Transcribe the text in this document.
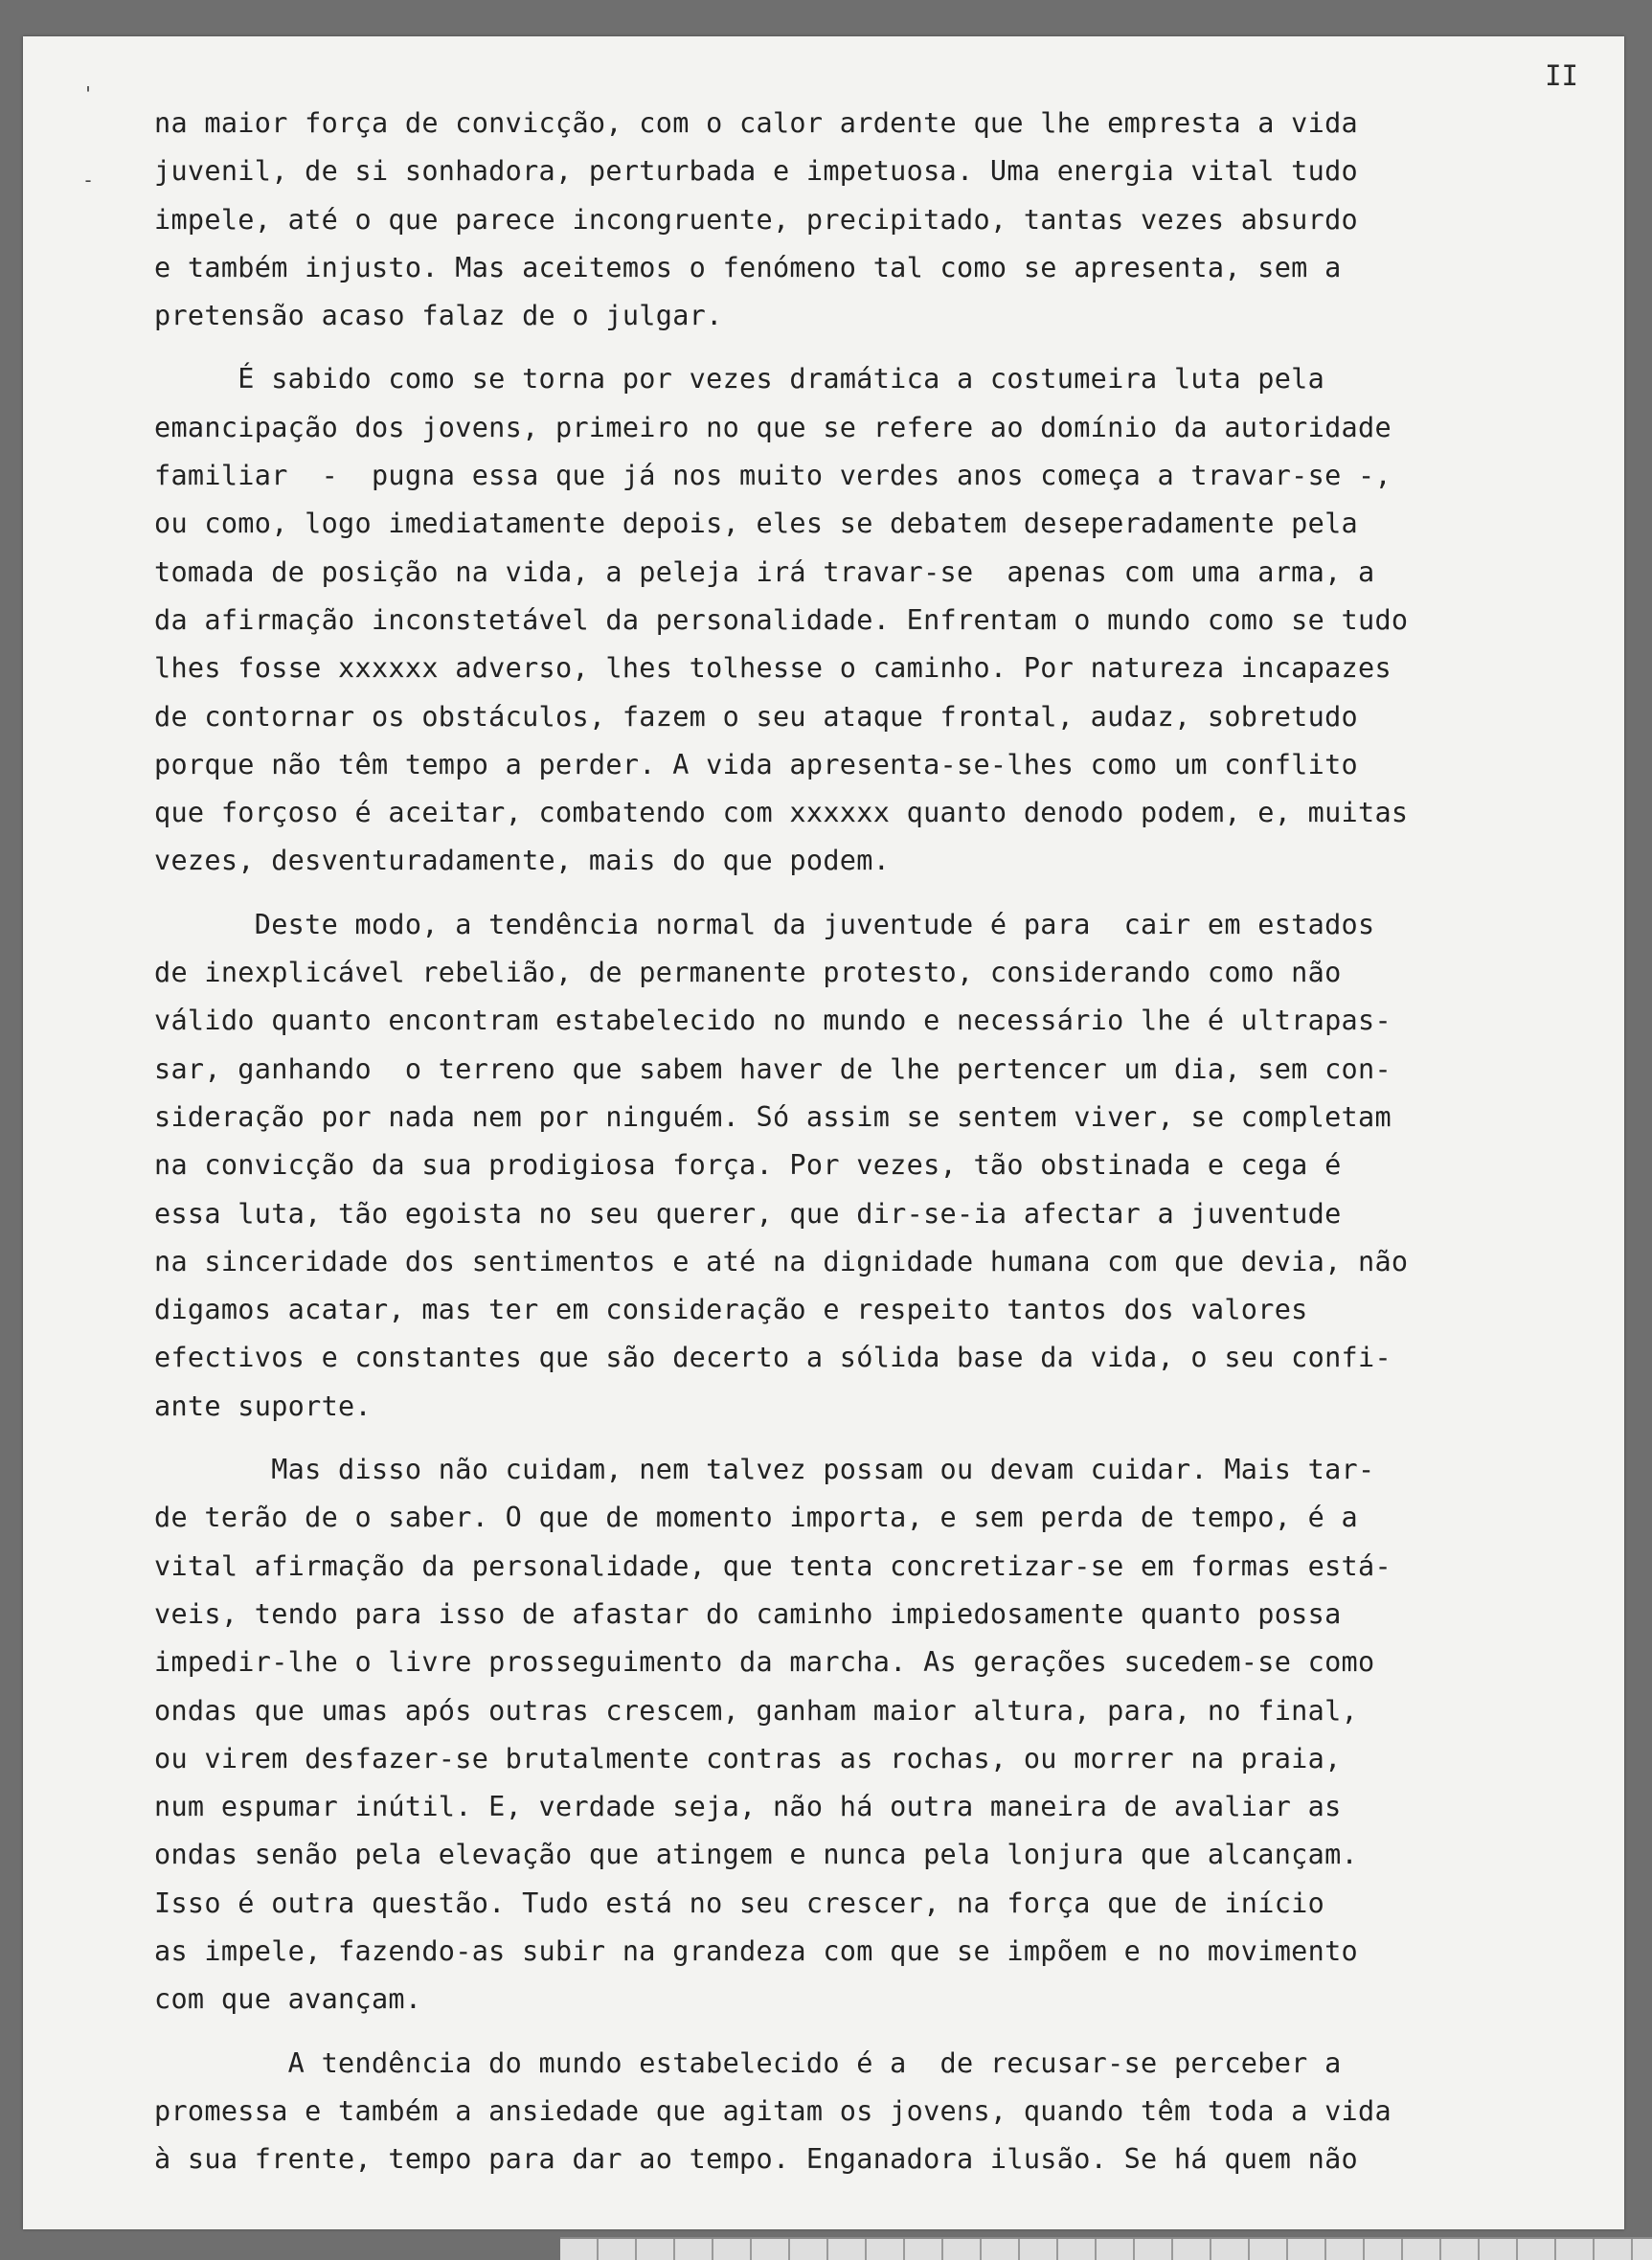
II
'
-
na maior força de convicção, com o calor ardente que lhe empresta a vida
juvenil, de si sonhadora, perturbada e impetuosa. Uma energia vital tudo
impele, até o que parece incongruente, precipitado, tantas vezes absurdo
e também injusto. Mas aceitemos o fenómeno tal como se apresenta, sem a
pretensão acaso falaz de o julgar.
É sabido como se torna por vezes dramática a costumeira luta pela
emancipação dos jovens, primeiro no que se refere ao domínio da autoridade
familiar  -  pugna essa que já nos muito verdes anos começa a travar-se -,
ou como, logo imediatamente depois, eles se debatem deseperadamente pela
tomada de posição na vida, a peleja irá travar-se  apenas com uma arma, a
da afirmação inconstetável da personalidade. Enfrentam o mundo como se tudo
lhes fosse xxxxxx adverso, lhes tolhesse o caminho. Por natureza incapazes
de contornar os obstáculos, fazem o seu ataque frontal, audaz, sobretudo
porque não têm tempo a perder. A vida apresenta-se-lhes como um conflito
que forçoso é aceitar, combatendo com xxxxxx quanto denodo podem, e, muitas
vezes, desventuradamente, mais do que podem.
Deste modo, a tendência normal da juventude é para  cair em estados
de inexplicável rebelião, de permanente protesto, considerando como não
válido quanto encontram estabelecido no mundo e necessário lhe é ultrapas-
sar, ganhando  o terreno que sabem haver de lhe pertencer um dia, sem con-
sideração por nada nem por ninguém. Só assim se sentem viver, se completam
na convicção da sua prodigiosa força. Por vezes, tão obstinada e cega é
essa luta, tão egoista no seu querer, que dir-se-ia afectar a juventude
na sinceridade dos sentimentos e até na dignidade humana com que devia, não
digamos acatar, mas ter em consideração e respeito tantos dos valores
efectivos e constantes que são decerto a sólida base da vida, o seu confi-
ante suporte.
Mas disso não cuidam, nem talvez possam ou devam cuidar. Mais tar-
de terão de o saber. O que de momento importa, e sem perda de tempo, é a
vital afirmação da personalidade, que tenta concretizar-se em formas está-
veis, tendo para isso de afastar do caminho impiedosamente quanto possa
impedir-lhe o livre prosseguimento da marcha. As gerações sucedem-se como
ondas que umas após outras crescem, ganham maior altura, para, no final,
ou virem desfazer-se brutalmente contras as rochas, ou morrer na praia,
num espumar inútil. E, verdade seja, não há outra maneira de avaliar as
ondas senão pela elevação que atingem e nunca pela lonjura que alcançam.
Isso é outra questão. Tudo está no seu crescer, na força que de início
as impele, fazendo-as subir na grandeza com que se impõem e no movimento
com que avançam.
A tendência do mundo estabelecido é a  de recusar-se perceber a
promessa e também a ansiedade que agitam os jovens, quando têm toda a vida
à sua frente, tempo para dar ao tempo. Enganadora ilusão. Se há quem não
